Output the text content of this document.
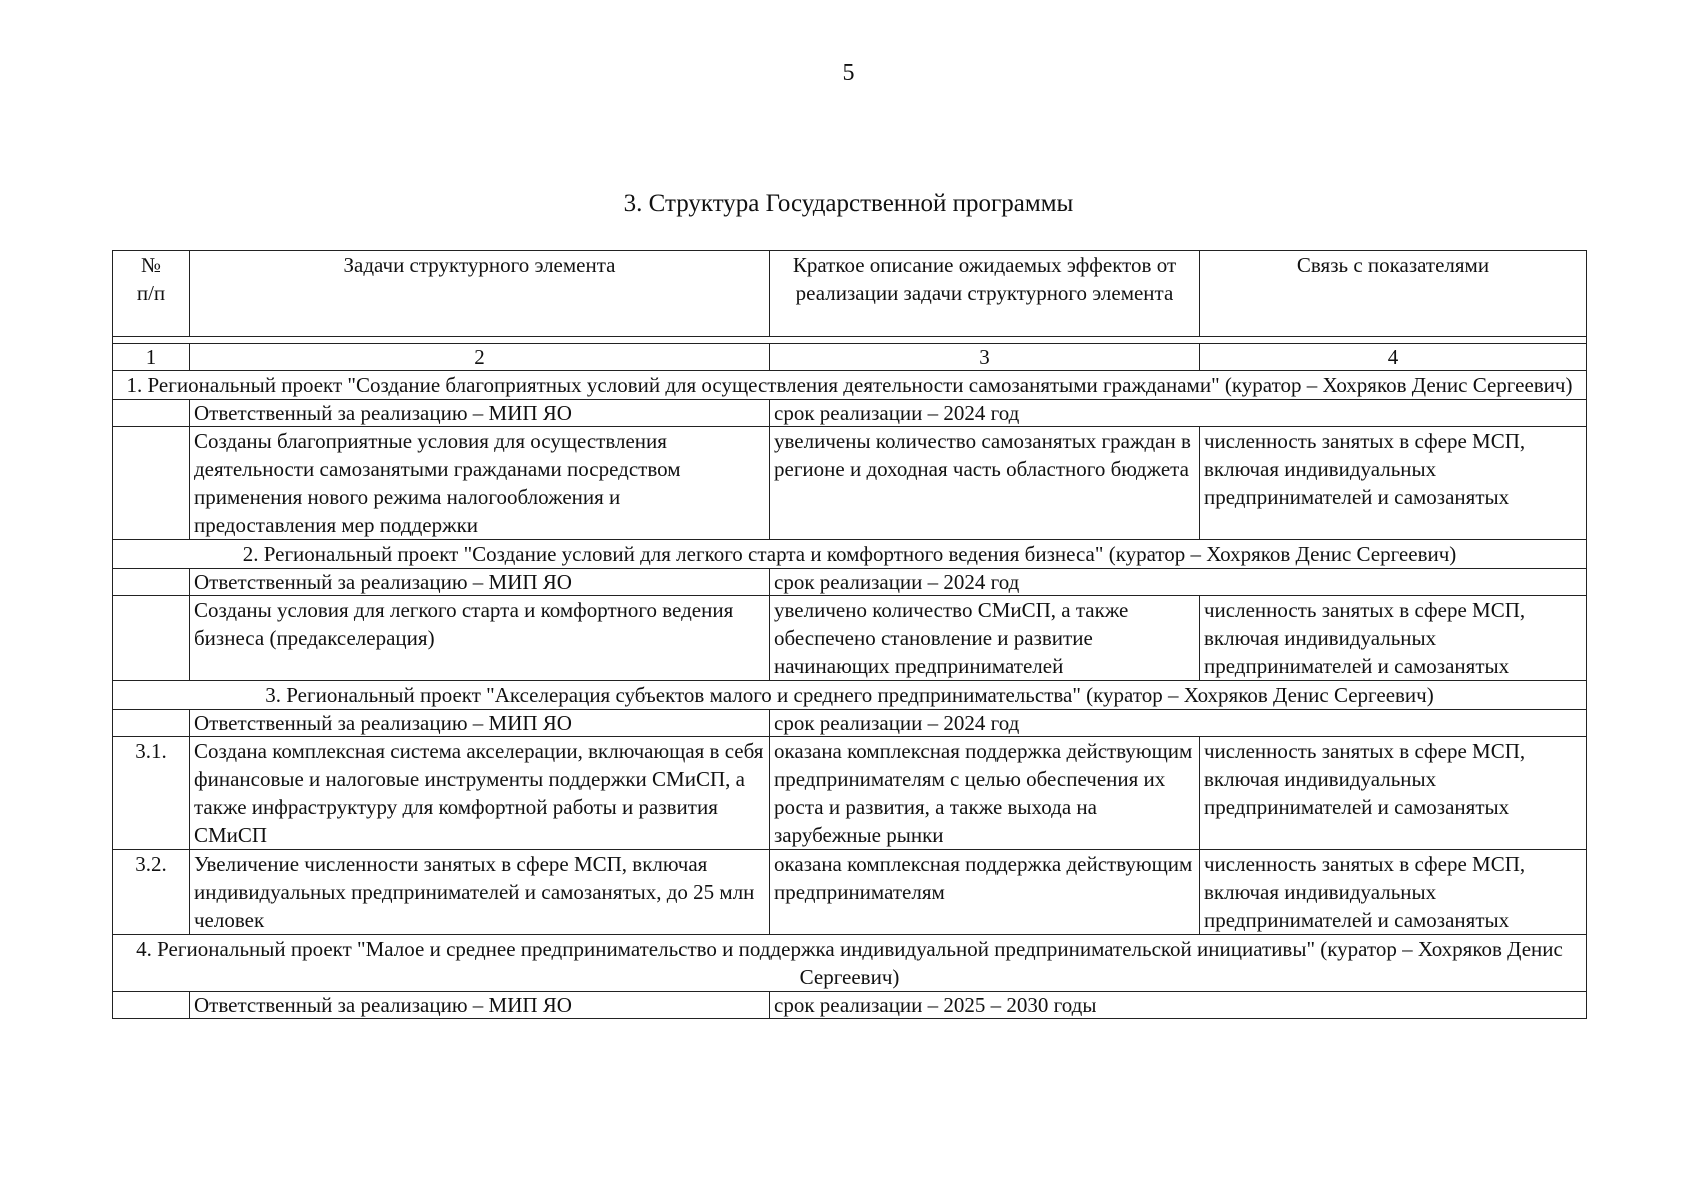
5
3. Структура Государственной программы
№
п/п	Задачи структурного элемента	Краткое описание ожидаемых эффектов от реализации задачи структурного элемента	Связь с показателями

1	2	3	4
1. Региональный проект "Создание благоприятных условий для осуществления деятельности самозанятыми гражданами" (куратор – Хохряков Денис Сергеевич)			
	Ответственный за реализацию – МИП ЯО	срок реализации – 2024 год	
	Созданы благоприятные условия для осуществления деятельности самозанятыми гражданами посредством применения нового режима налогообложения и предоставления мер поддержки	увеличены количество самозанятых граждан в регионе и доходная часть областного бюджета	численность занятых в сфере МСП, включая индивидуальных предпринимателей и самозанятых
2. Региональный проект "Создание условий для легкого старта и комфортного ведения бизнеса" (куратор – Хохряков Денис Сергеевич)			
	Ответственный за реализацию – МИП ЯО	срок реализации – 2024 год	
	Созданы условия для легкого старта и комфортного ведения бизнеса (предакселерация)	увеличено количество СМиСП, а также обеспечено становление и развитие начинающих предпринимателей	численность занятых в сфере МСП, включая индивидуальных предпринимателей и самозанятых
3. Региональный проект "Акселерация субъектов малого и среднего предпринимательства" (куратор – Хохряков Денис Сергеевич)			
	Ответственный за реализацию – МИП ЯО	срок реализации – 2024 год	
3.1.	Создана комплексная система акселерации, включающая в себя финансовые и налоговые инструменты поддержки СМиСП, а также инфраструктуру для комфортной работы и развития СМиСП	оказана комплексная поддержка действующим предпринимателям с целью обеспечения их роста и развития, а также выхода на зарубежные рынки	численность занятых в сфере МСП, включая индивидуальных предпринимателей и самозанятых
3.2.	Увеличение численности занятых в сфере МСП, включая индивидуальных предпринимателей и самозанятых, до 25 млн человек	оказана комплексная поддержка действующим предпринимателям	численность занятых в сфере МСП, включая индивидуальных предпринимателей и самозанятых
4. Региональный проект "Малое и среднее предпринимательство и поддержка индивидуальной предпринимательской инициативы" (куратор – Хохряков Денис Сергеевич)			
	Ответственный за реализацию – МИП ЯО	срок реализации – 2025 – 2030 годы	
